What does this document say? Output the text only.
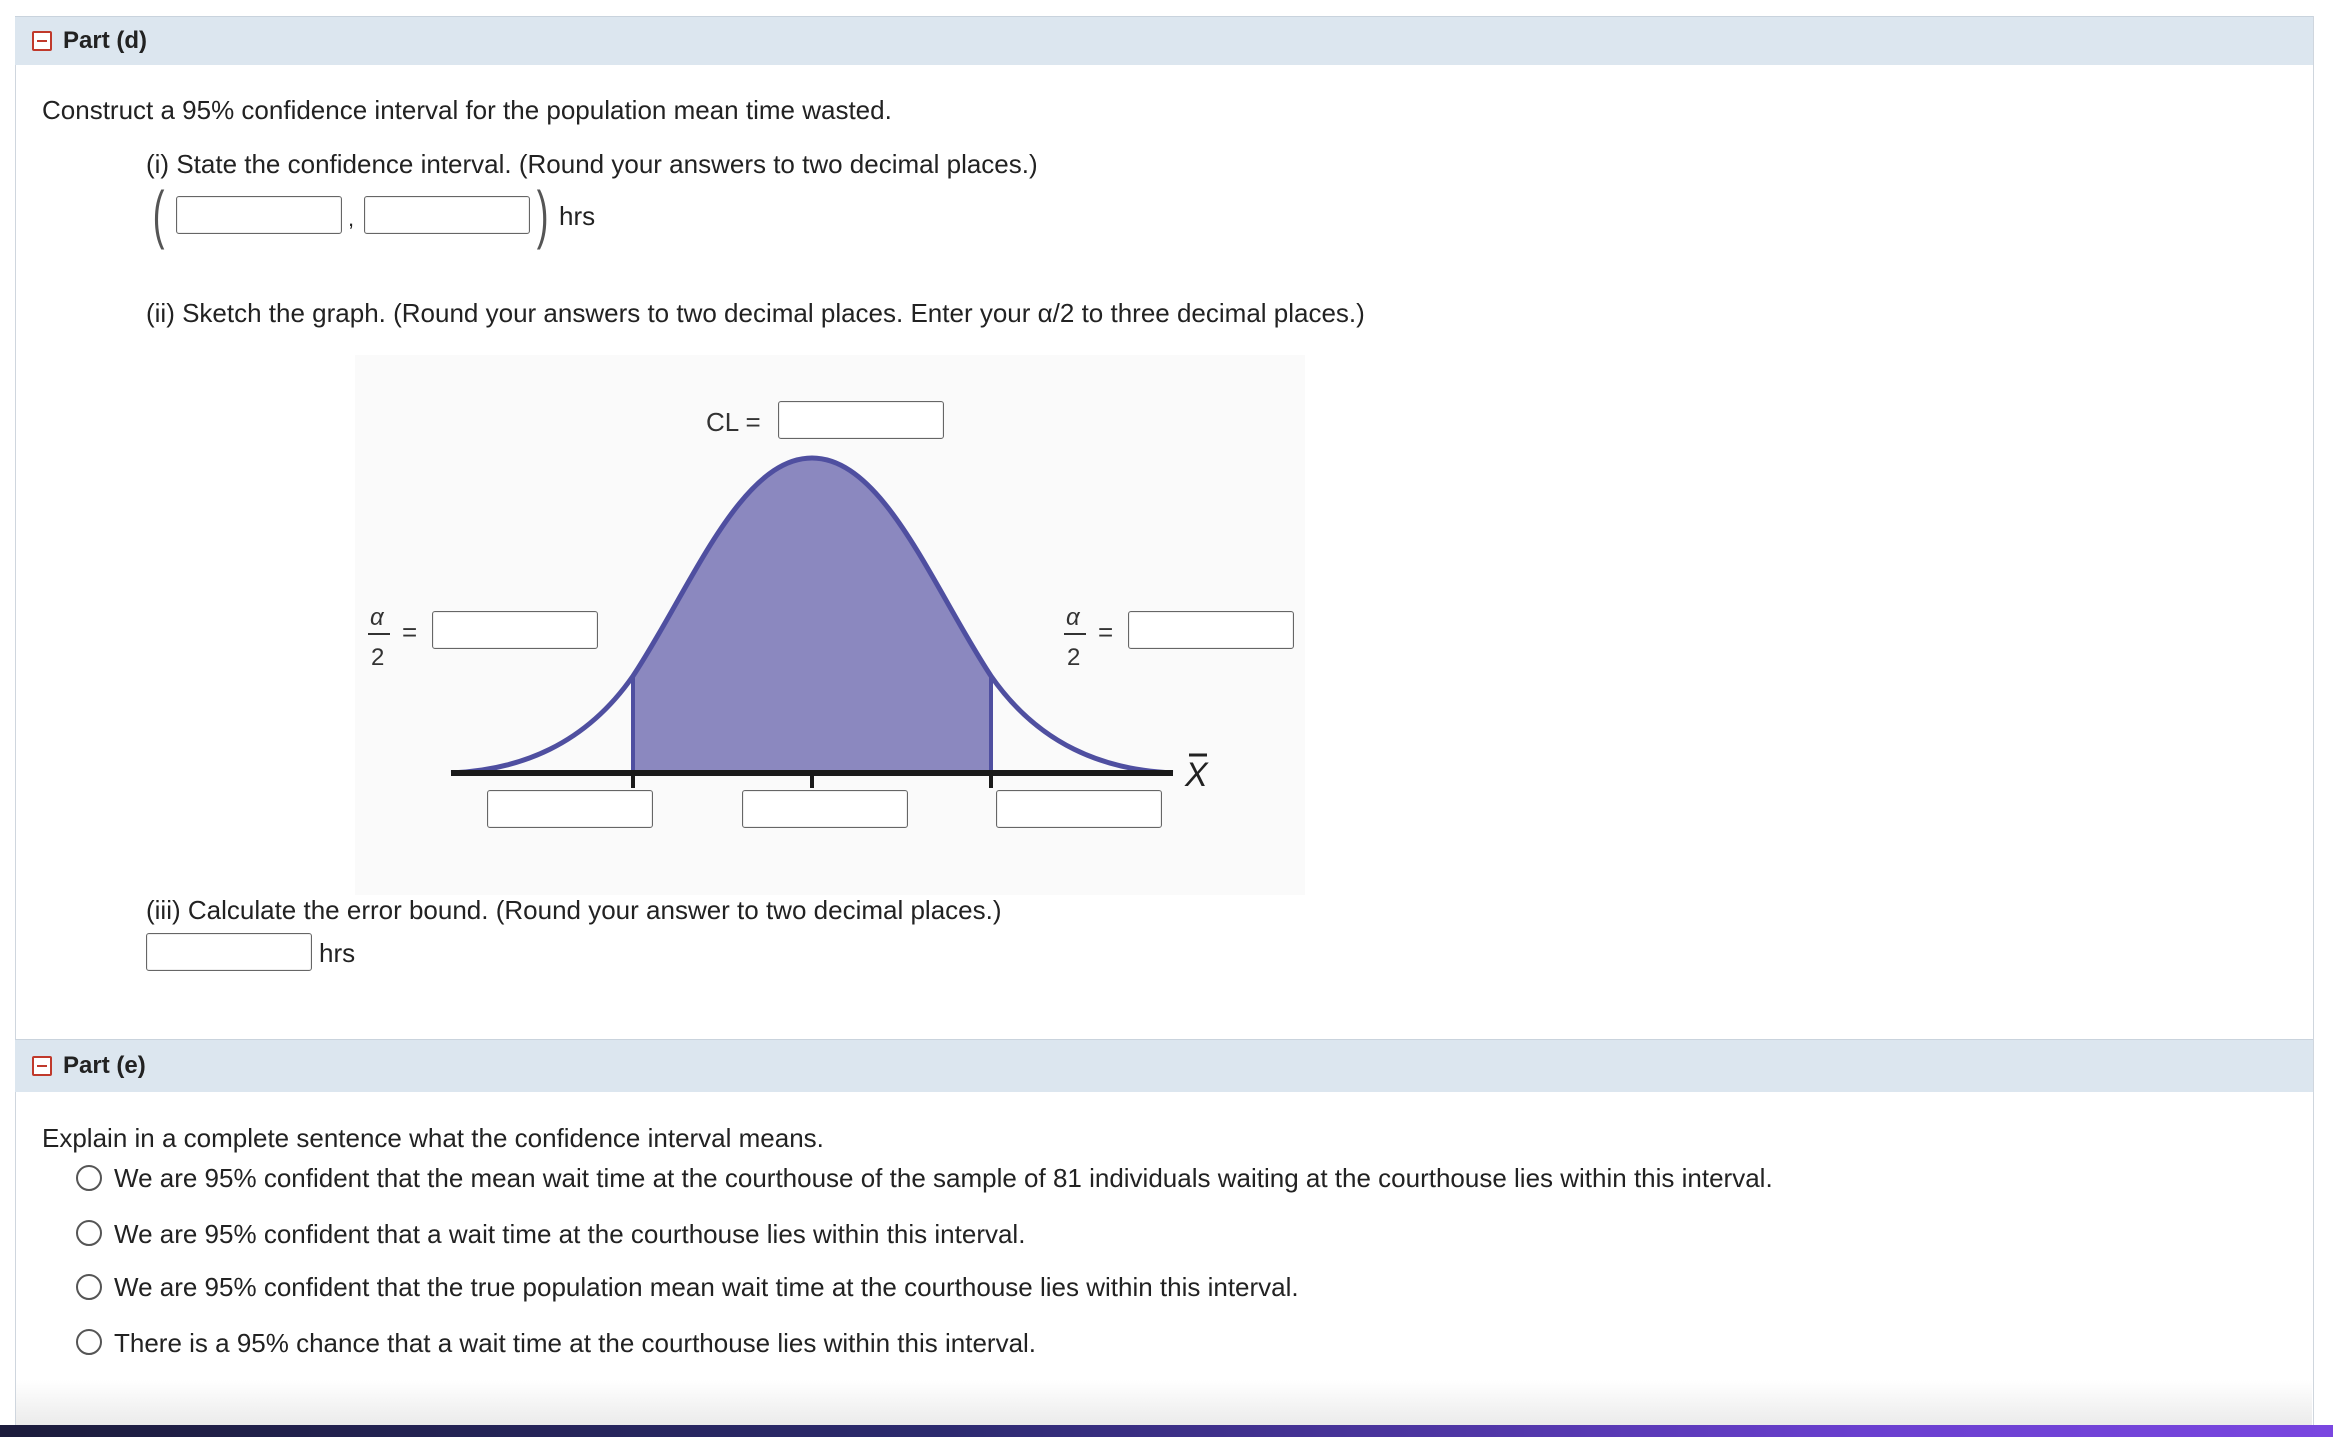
Part (d)
Construct a 95% confidence interval for the population mean time wasted.
(i) State the confidence interval. (Round your answers to two decimal places.)
(	,	) hrs
(ii) Sketch the graph. (Round your answers to two decimal places. Enter your α/2 to three decimal places.)
X
α
2
=	α
2
=
CL =
(iii) Calculate the error bound. (Round your answer to two decimal places.)
hrs
Part (e)
Explain in a complete sentence what the confidence interval means.
We are 95% confident that the mean wait time at the courthouse of the sample of 81 individuals waiting at the courthouse lies within this interval.
We are 95% confident that a wait time at the courthouse lies within this interval.
We are 95% confident that the true population mean wait time at the courthouse lies within this interval.
There is a 95% chance that a wait time at the courthouse lies within this interval.
